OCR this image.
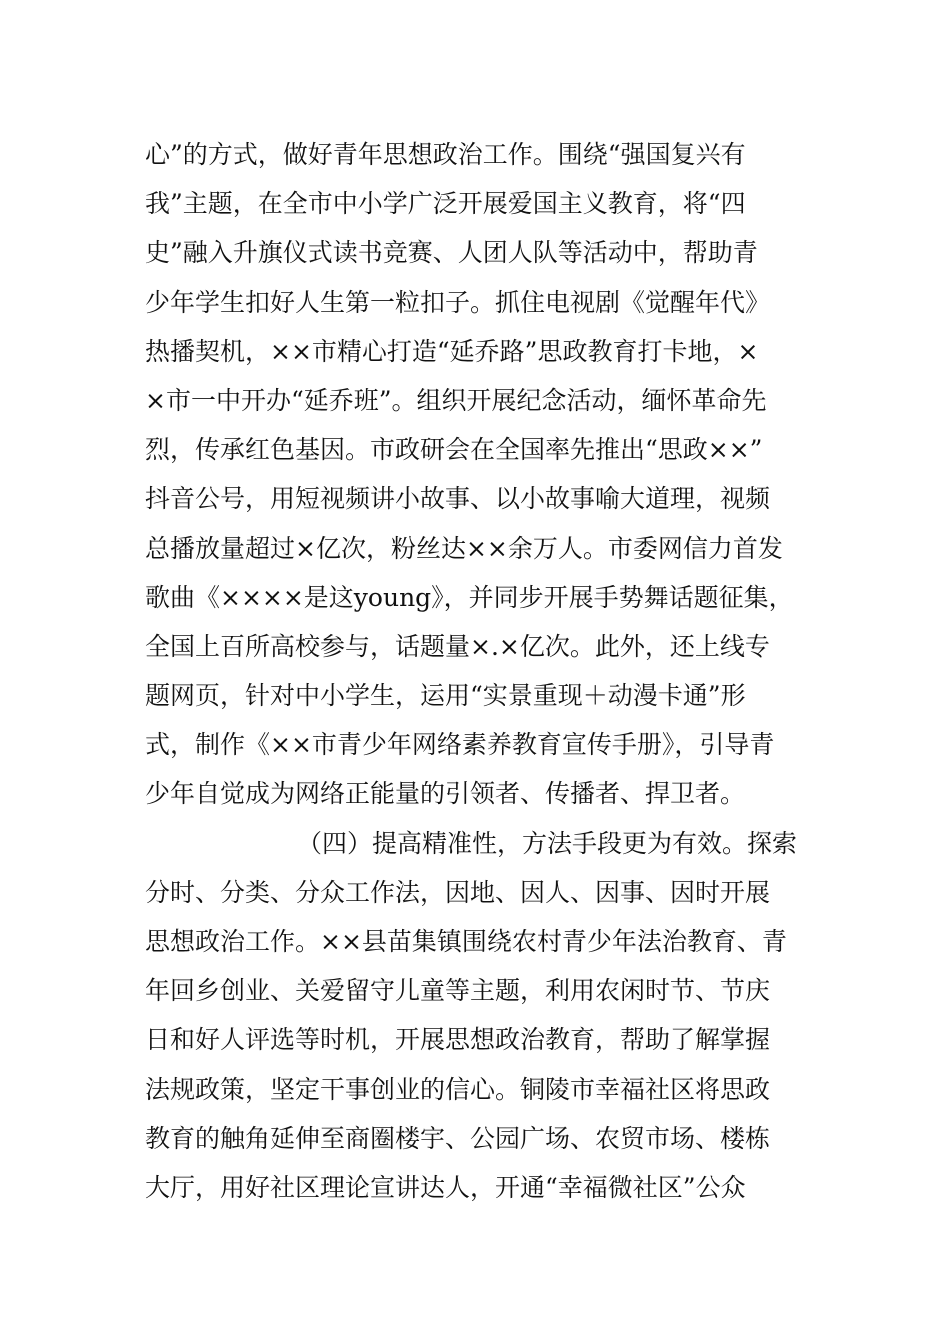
心”的方式，做好青年思想政治工作。围绕“强国复兴有
我”主题，在全市中小学广泛开展爱国主义教育，将“四
史”融入升旗仪式读书竞赛、人团人队等活动中，帮助青
少年学生扣好人生第一粒扣子。抓住电视剧《觉醒年代》
热播契机，××市精心打造“延乔路”思政教育打卡地，×
×市一中开办“延乔班”。组织开展纪念活动，缅怀革命先
烈，传承红色基因。市政研会在全国率先推出“思政××”
抖音公号，用短视频讲小故事、以小故事喻大道理，视频
总播放量超过×亿次，粉丝达××余万人。市委网信力首发
歌曲《××××是这young》，并同步开展手势舞话题征集，
全国上百所高校参与，话题量×.×亿次。此外，还上线专
题网页，针对中小学生，运用“实景重现＋动漫卡通”形
式，制作《××市青少年网络素养教育宣传手册》，引导青
少年自觉成为网络正能量的引领者、传播者、捍卫者。
（四）提高精准性，方法手段更为有效。探索
分时、分类、分众工作法，因地、因人、因事、因时开展
思想政治工作。××县苗集镇围绕农村青少年法治教育、青
年回乡创业、关爱留守儿童等主题，利用农闲时节、节庆
日和好人评选等时机，开展思想政治教育，帮助了解掌握
法规政策，坚定干事创业的信心。铜陵市幸福社区将思政
教育的触角延伸至商圈楼宇、公园广场、农贸市场、楼栋
大厅，用好社区理论宣讲达人，开通“幸福微社区”公众
